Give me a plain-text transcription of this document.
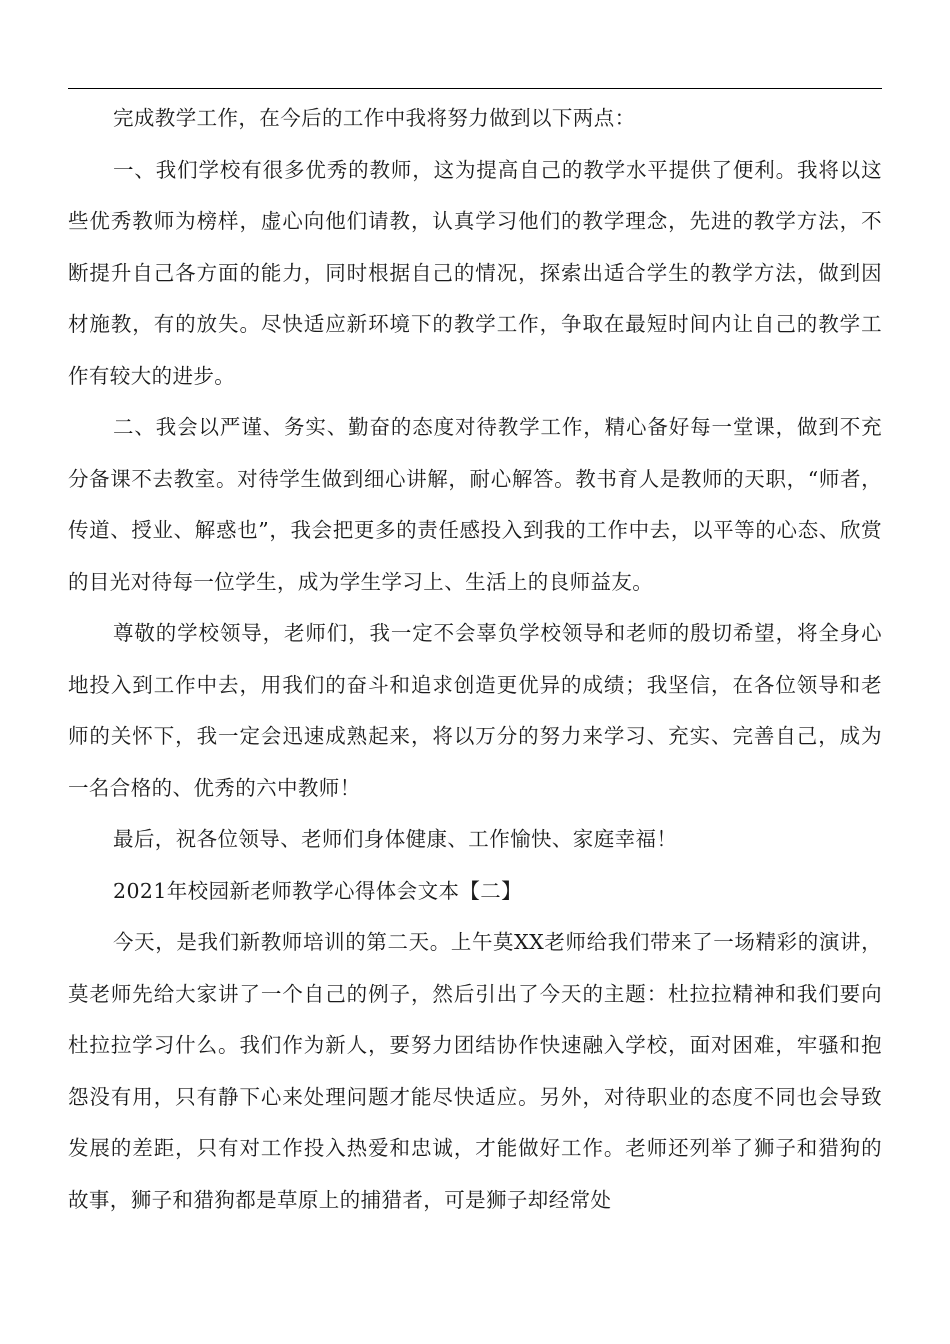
完成教学工作，在今后的工作中我将努力做到以下两点：

一、我们学校有很多优秀的教师，这为提高自己的教学水平提供了便利。我将以这些优秀教师为榜样，虚心向他们请教，认真学习他们的教学理念，先进的教学方法，不断提升自己各方面的能力，同时根据自己的情况，探索出适合学生的教学方法，做到因材施教，有的放失。尽快适应新环境下的教学工作，争取在最短时间内让自己的教学工作有较大的进步。

二、我会以严谨、务实、勤奋的态度对待教学工作，精心备好每一堂课，做到不充分备课不去教室。对待学生做到细心讲解，耐心解答。教书育人是教师的天职，“师者，传道、授业、解惑也”，我会把更多的责任感投入到我的工作中去，以平等的心态、欣赏的目光对待每一位学生，成为学生学习上、生活上的良师益友。

尊敬的学校领导，老师们，我一定不会辜负学校领导和老师的殷切希望，将全身心地投入到工作中去，用我们的奋斗和追求创造更优异的成绩；我坚信，在各位领导和老师的关怀下，我一定会迅速成熟起来，将以万分的努力来学习、充实、完善自己，成为一名合格的、优秀的六中教师！

最后，祝各位领导、老师们身体健康、工作愉快、家庭幸福！

2021年校园新老师教学心得体会文本【二】

今天，是我们新教师培训的第二天。上午莫XX老师给我们带来了一场精彩的演讲，莫老师先给大家讲了一个自己的例子，然后引出了今天的主题：杜拉拉精神和我们要向杜拉拉学习什么。我们作为新人，要努力团结协作快速融入学校，面对困难，牢骚和抱怨没有用，只有静下心来处理问题才能尽快适应。另外，对待职业的态度不同也会导致发展的差距，只有对工作投入热爱和忠诚，才能做好工作。老师还列举了狮子和猎狗的故事，狮子和猎狗都是草原上的捕猎者，可是狮子却经常处
